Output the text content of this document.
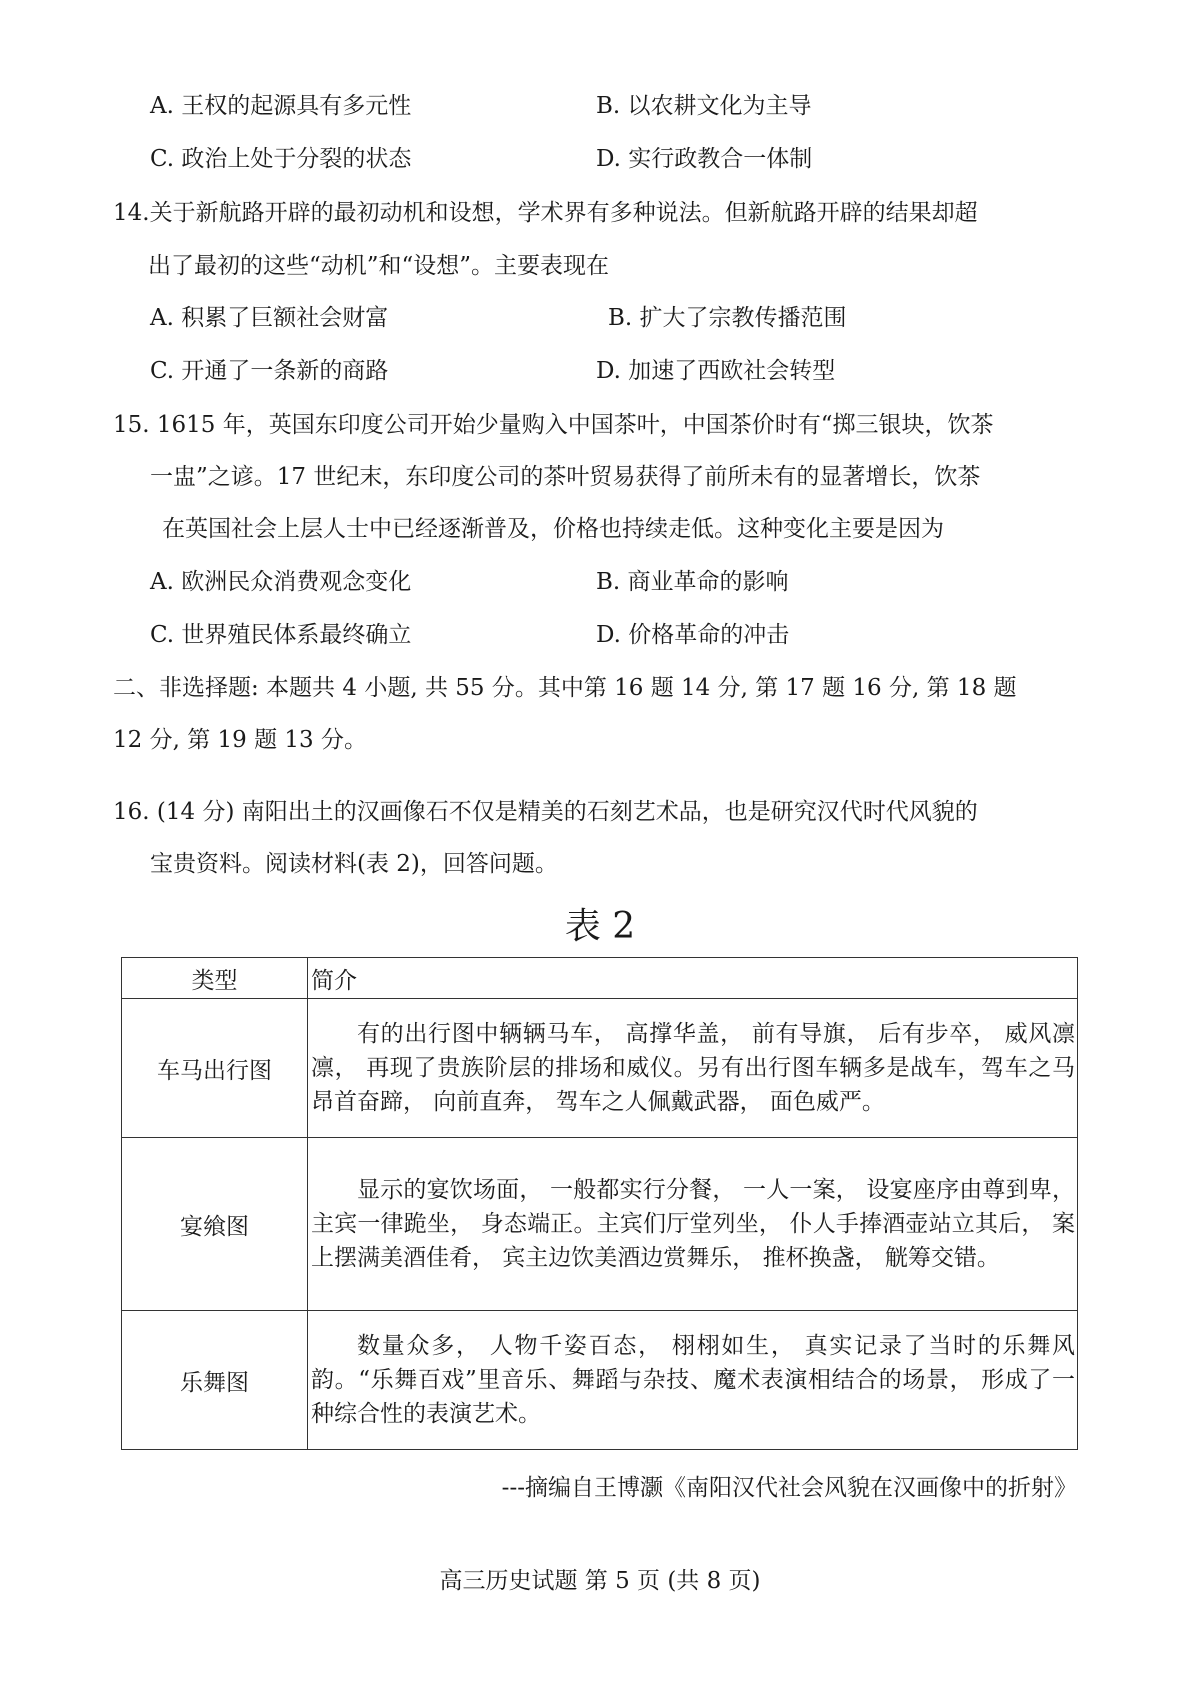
A. 王权的起源具有多元性	B. 以农耕文化为主导
C. 政治上处于分裂的状态	D. 实行政教合一体制
14.关于新航路开辟的最初动机和设想，学术界有多种说法。但新航路开辟的结果却超
出了最初的这些“动机”和“设想”。主要表现在
A. 积累了巨额社会财富	B. 扩大了宗教传播范围
C. 开通了一条新的商路	D. 加速了西欧社会转型
15. 1615 年，英国东印度公司开始少量购入中国茶叶，中国茶价时有“掷三银块，饮茶
一盅”之谚。17 世纪末，东印度公司的茶叶贸易获得了前所未有的显著增长，饮茶
在英国社会上层人士中已经逐渐普及，价格也持续走低。这种变化主要是因为
A. 欧洲民众消费观念变化	B. 商业革命的影响
C. 世界殖民体系最终确立	D. 价格革命的冲击
二、非选择题: 本题共 4 小题, 共 55 分。其中第 16 题 14 分, 第 17 题 16 分, 第 18 题
12 分, 第 19 题 13 分。
16. (14 分) 南阳出土的汉画像石不仅是精美的石刻艺术品，也是研究汉代时代风貌的
宝贵资料。阅读材料(表 2)，回答问题。
表 2
类型	简介
车马出行图	有的出行图中辆辆马车， 高撑华盖， 前有导旗， 后有步卒， 威风凛凛， 再现了贵族阶层的排场和威仪。另有出行图车辆多是战车，驾车之马昂首奋蹄， 向前直奔， 驾车之人佩戴武器， 面色威严。
宴飨图	显示的宴饮场面， 一般都实行分餐， 一人一案， 设宴座序由尊到卑， 主宾一律跪坐， 身态端正。主宾们厅堂列坐， 仆人手捧酒壶站立其后， 案上摆满美酒佳肴， 宾主边饮美酒边赏舞乐， 推杯换盏， 觥筹交错。
乐舞图	数量众多， 人物千姿百态， 栩栩如生， 真实记录了当时的乐舞风韵。“乐舞百戏”里音乐、舞蹈与杂技、魔术表演相结合的场景， 形成了一种综合性的表演艺术。
---摘编自王博灏《南阳汉代社会风貌在汉画像中的折射》
高三历史试题 第 5 页 (共 8 页)
